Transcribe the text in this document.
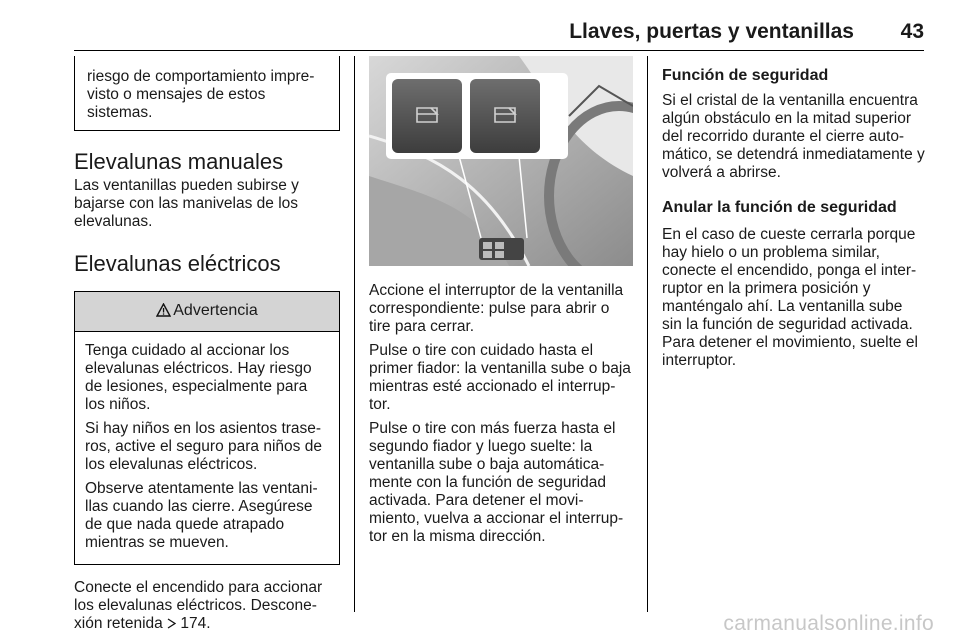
Llaves, puertas y ventanillas 43

riesgo de comportamiento impre- visto o mensajes de estos sistemas.

Elevalunas manuales

Las ventanillas pueden subirse y bajarse con las manivelas de los elevalunas.

Elevalunas eléctricos
Advertencia

Tenga cuidado al accionar los elevalunas eléctricos. Hay riesgo de lesiones, especialmente para los niños.

Si hay niños en los asientos trase- ros, active el seguro para niños de los elevalunas eléctricos.

Observe atentamente las ventani- llas cuando las cierre. Asegúrese de que nada quede atrapado mientras se mueven.

Conecte el encendido para accionar los elevalunas eléctricos. Descone- xión retenida  174.

Accione el interruptor de la ventanilla correspondiente: pulse para abrir o tire para cerrar.

Pulse o tire con cuidado hasta el primer fiador: la ventanilla sube o baja mientras esté accionado el interrup- tor.

Pulse o tire con más fuerza hasta el segundo fiador y luego suelte: la ventanilla sube o baja automática- mente con la función de seguridad activada. Para detener el movi- miento, vuelva a accionar el interrup- tor en la misma dirección.

Función de seguridad

Si el cristal de la ventanilla encuentra algún obstáculo en la mitad superior del recorrido durante el cierre auto- mático, se detendrá inmediatamente y volverá a abrirse.

Anular la función de seguridad

En el caso de cueste cerrarla porque hay hielo o un problema similar, conecte el encendido, ponga el inter- ruptor en la primera posición y manténgalo ahí. La ventanilla sube sin la función de seguridad activada. Para detener el movimiento, suelte el interruptor.

carmanualsonline.info
